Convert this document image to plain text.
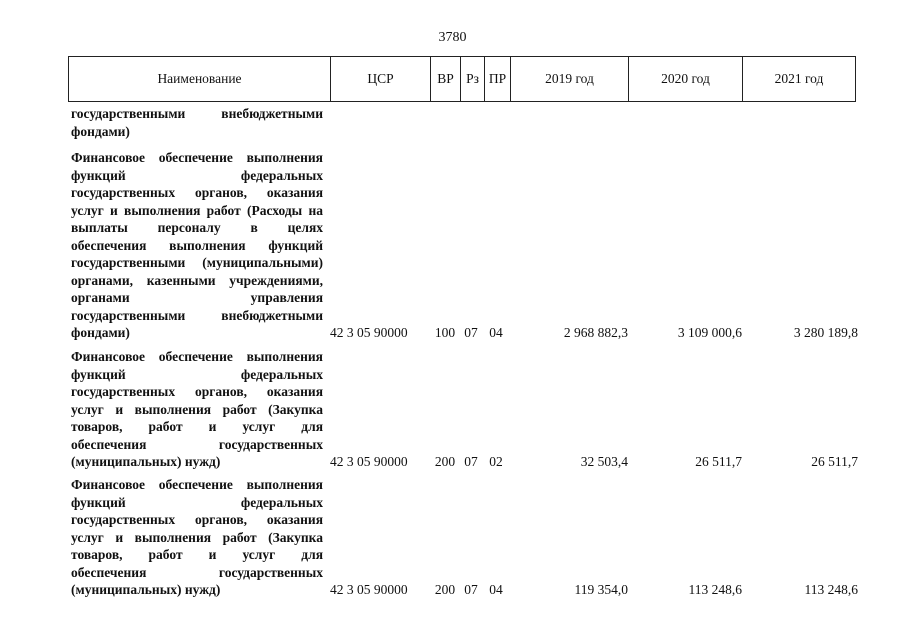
3780
Наименование	ЦСР	ВР Рз ПР	2019 год	2020 год	2021 год
государственными внебюджетными
фондами)
Финансовое обеспечение выполнения
функций федеральных
государственных органов, оказания
услуг и выполнения работ (Расходы на
выплаты персоналу в целях
обеспечения выполнения функций
государственными (муниципальными)
органами, казенными учреждениями,
органами управления
государственными внебюджетными
фондами)	42 3 05 90000	100 07 04	2 968 882,3	3 109 000,6	3 280 189,8
Финансовое обеспечение выполнения
функций федеральных
государственных органов, оказания
услуг и выполнения работ (Закупка
товаров, работ и услуг для
обеспечения государственных
(муниципальных) нужд)	42 3 05 90000	200 07 02	32 503,4	26 511,7	26 511,7
Финансовое обеспечение выполнения
функций федеральных
государственных органов, оказания
услуг и выполнения работ (Закупка
товаров, работ и услуг для
обеспечения государственных
(муниципальных) нужд)	42 3 05 90000	200 07 04	119 354,0	113 248,6	113 248,6
